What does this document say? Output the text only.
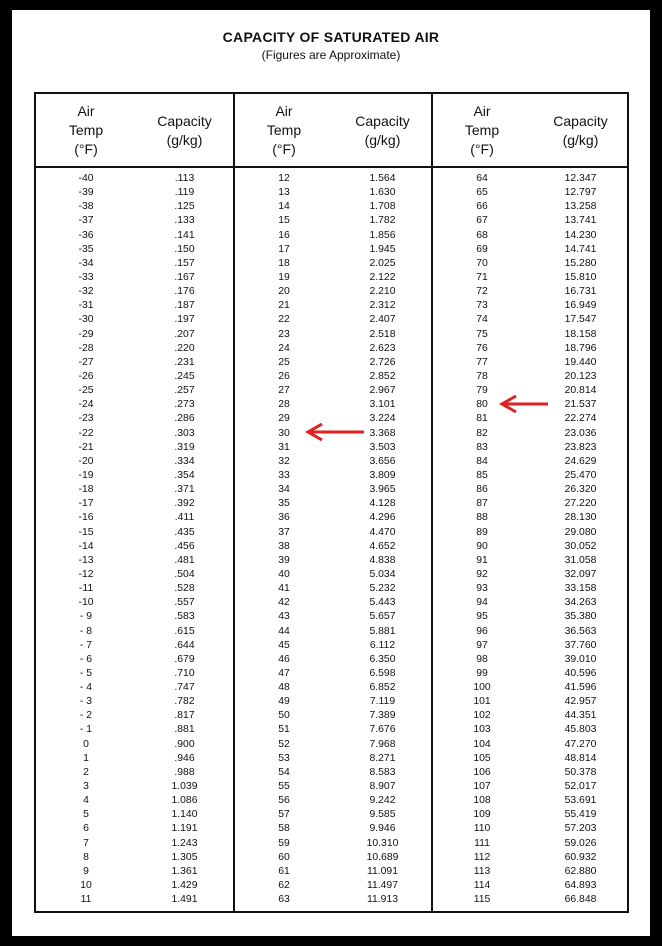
CAPACITY OF SATURATED AIR
(Figures are Approximate)
Air
Temp
(°F)
Capacity
(g/kg)
Air
Temp
(°F)
Capacity
(g/kg)
Air
Temp
(°F)
Capacity
(g/kg)
-40	.113
-39	.119
-38	.125
-37	.133
-36	.141
-35	.150
-34	.157
-33	.167
-32	.176
-31	.187
-30	.197
-29	.207
-28	.220
-27	.231
-26	.245
-25	.257
-24	.273
-23	.286
-22	.303
-21	.319
-20	.334
-19	.354
-18	.371
-17	.392
-16	.411
-15	.435
-14	.456
-13	.481
-12	.504
-11	.528
-10	.557
- 9	.583
- 8	.615
- 7	.644
- 6	.679
- 5	.710
- 4	.747
- 3	.782
- 2	.817
- 1	.881
0	.900
1	.946
2	.988
3	1.039
4	1.086
5	1.140
6	1.191
7	1.243
8	1.305
9	1.361
10	1.429
11	1.491
12	1.564
13	1.630
14	1.708
15	1.782
16	1.856
17	1.945
18	2.025
19	2.122
20	2.210
21	2.312
22	2.407
23	2.518
24	2.623
25	2.726
26	2.852
27	2.967
28	3.101
29	3.224
30	3.368
31	3.503
32	3.656
33	3.809
34	3.965
35	4.128
36	4.296
37	4.470
38	4.652
39	4.838
40	5.034
41	5.232
42	5.443
43	5.657
44	5.881
45	6.112
46	6.350
47	6.598
48	6.852
49	7.119
50	7.389
51	7.676
52	7.968
53	8.271
54	8.583
55	8.907
56	9.242
57	9.585
58	9.946
59	10.310
60	10.689
61	11.091
62	11.497
63	11.913
64	12.347
65	12.797
66	13.258
67	13.741
68	14.230
69	14.741
70	15.280
71	15.810
72	16.731
73	16.949
74	17.547
75	18.158
76	18.796
77	19.440
78	20.123
79	20.814
80	21.537
81	22.274
82	23.036
83	23.823
84	24.629
85	25.470
86	26.320
87	27.220
88	28.130
89	29.080
90	30.052
91	31.058
92	32.097
93	33.158
94	34.263
95	35.380
96	36.563
97	37.760
98	39.010
99	40.596
100	41.596
101	42.957
102	44.351
103	45.803
104	47.270
105	48.814
106	50.378
107	52.017
108	53.691
109	55.419
110	57.203
111	59.026
112	60.932
113	62.880
114	64.893
115	66.848
